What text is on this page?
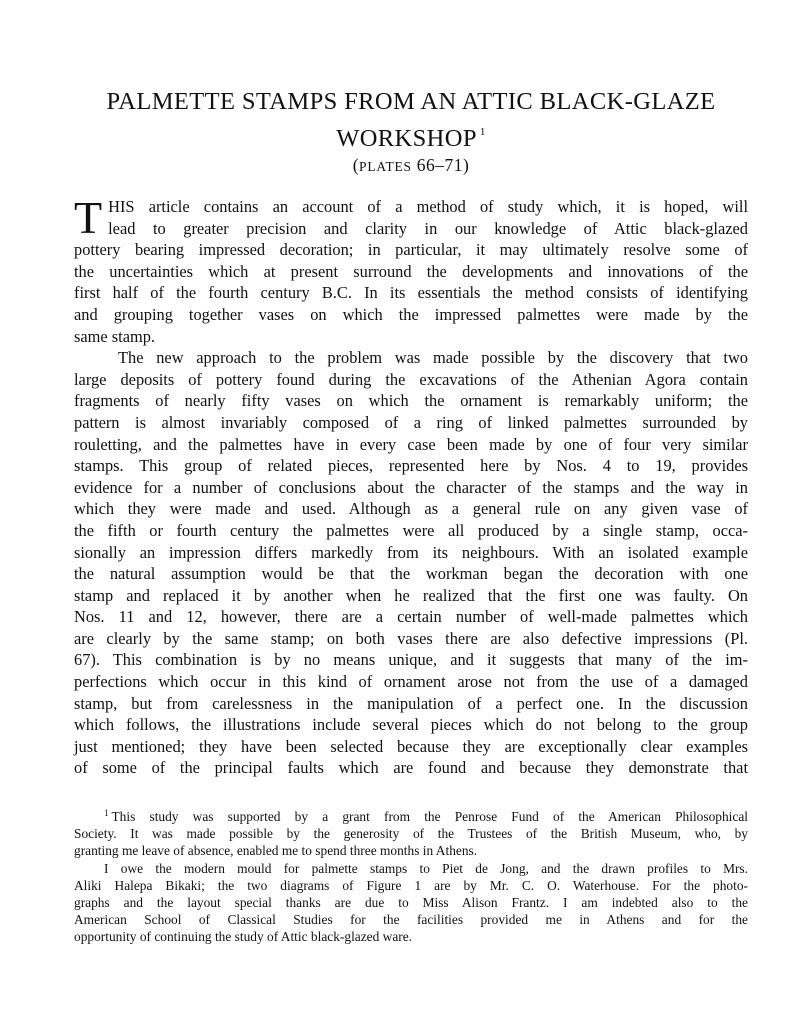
PALMETTE STAMPS FROM AN ATTIC BLACK-GLAZE
WORKSHOP $^1$
(PLATES 66–71)

T HIS article contains an account of a method of study which, it is hoped, will
lead to greater precision and clarity in our knowledge of Attic black-glazed
pottery bearing impressed decoration; in particular, it may ultimately resolve some of
the uncertainties which at present surround the developments and innovations of the
first half of the fourth century B.C. In its essentials the method consists of identifying
and grouping together vases on which the impressed palmettes were made by the
same stamp.

The new approach to the problem was made possible by the discovery that two
large deposits of pottery found during the excavations of the Athenian Agora contain
fragments of nearly fifty vases on which the ornament is remarkably uniform; the
pattern is almost invariably composed of a ring of linked palmettes surrounded by
rouletting, and the palmettes have in every case been made by one of four very similar
stamps. This group of related pieces, represented here by Nos. 4 to 19, provides
evidence for a number of conclusions about the character of the stamps and the way in
which they were made and used. Although as a general rule on any given vase of
the fifth or fourth century the palmettes were all produced by a single stamp, occa-
sionally an impression differs markedly from its neighbours. With an isolated example
the natural assumption would be that the workman began the decoration with one
stamp and replaced it by another when he realized that the first one was faulty. On
Nos. 11 and 12, however, there are a certain number of well-made palmettes which
are clearly by the same stamp; on both vases there are also defective impressions (Pl.
67). This combination is by no means unique, and it suggests that many of the im-
perfections which occur in this kind of ornament arose not from the use of a damaged
stamp, but from carelessness in the manipulation of a perfect one. In the discussion
which follows, the illustrations include several pieces which do not belong to the group
just mentioned; they have been selected because they are exceptionally clear examples
of some of the principal faults which are found and because they demonstrate that

$^1$ This study was supported by a grant from the Penrose Fund of the American Philosophical
Society. It was made possible by the generosity of the Trustees of the British Museum, who, by
granting me leave of absence, enabled me to spend three months in Athens.
I owe the modern mould for palmette stamps to Piet de Jong, and the drawn profiles to Mrs.
Aliki Halepa Bikaki; the two diagrams of Figure 1 are by Mr. C. O. Waterhouse. For the photo-
graphs and the layout special thanks are due to Miss Alison Frantz. I am indebted also to the
American School of Classical Studies for the facilities provided me in Athens and for the
opportunity of continuing the study of Attic black-glazed ware.
